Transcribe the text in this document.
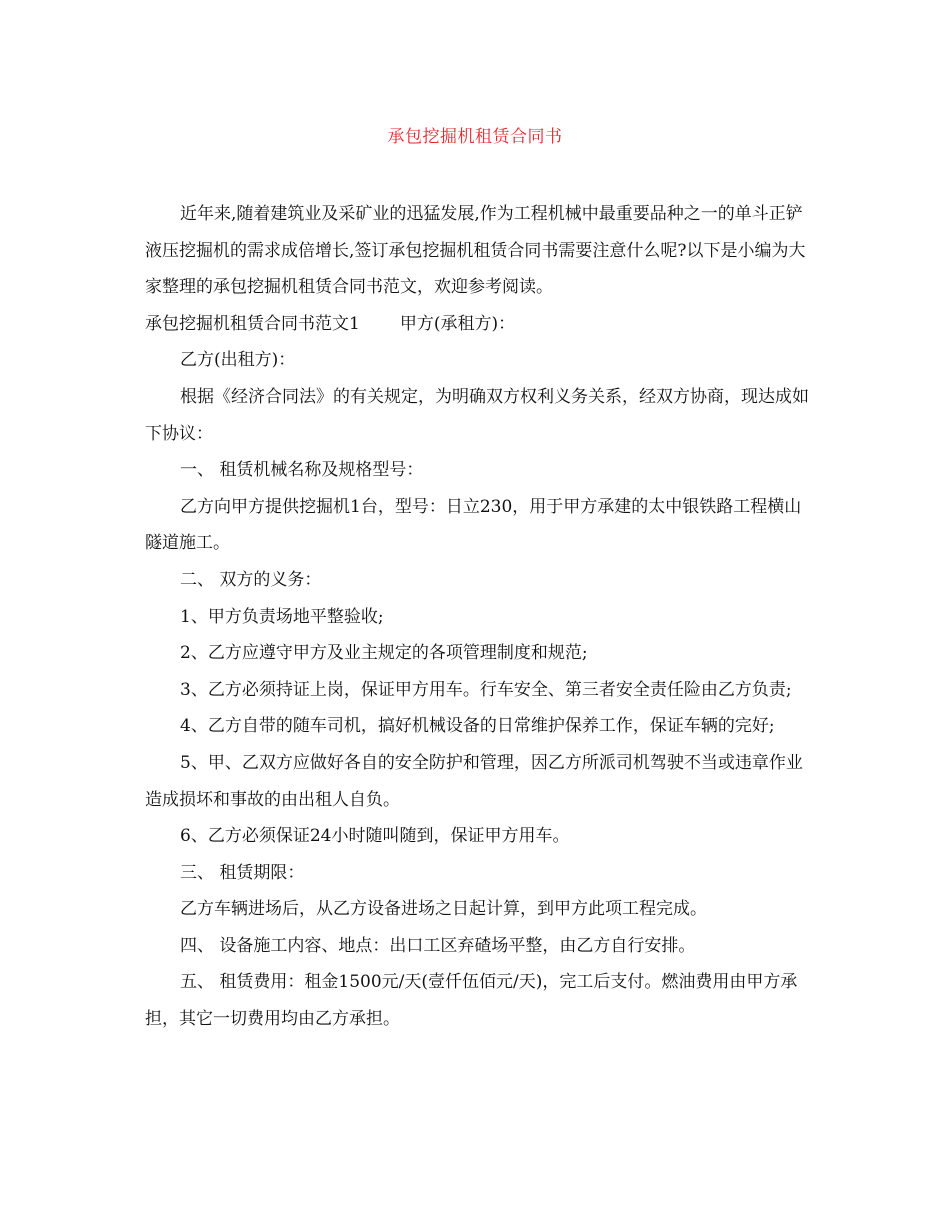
承包挖掘机租赁合同书

近年来,随着建筑业及采矿业的迅猛发展,作为工程机械中最重要品种之一的单斗正铲液压挖掘机的需求成倍增长,签订承包挖掘机租赁合同书需要注意什么呢?以下是小编为大家整理的承包挖掘机租赁合同书范文，欢迎参考阅读。

承包挖掘机租赁合同书范文1 甲方(承租方)：

乙方(出租方)：

根据《经济合同法》的有关规定，为明确双方权利义务关系，经双方协商，现达成如下协议：

一、 租赁机械名称及规格型号：

乙方向甲方提供挖掘机1台，型号：日立230，用于甲方承建的太中银铁路工程横山隧道施工。

二、 双方的义务：

1、甲方负责场地平整验收;

2、乙方应遵守甲方及业主规定的各项管理制度和规范;

3、乙方必须持证上岗，保证甲方用车。行车安全、第三者安全责任险由乙方负责;

4、乙方自带的随车司机，搞好机械设备的日常维护保养工作，保证车辆的完好;

5、甲、乙双方应做好各自的安全防护和管理，因乙方所派司机驾驶不当或违章作业造成损坏和事故的由出租人自负。

6、乙方必须保证24小时随叫随到，保证甲方用车。

三、 租赁期限：

乙方车辆进场后，从乙方设备进场之日起计算，到甲方此项工程完成。

四、 设备施工内容、地点：出口工区弃碴场平整，由乙方自行安排。

五、 租赁费用：租金1500元/天(壹仟伍佰元/天)，完工后支付。燃油费用由甲方承担，其它一切费用均由乙方承担。
